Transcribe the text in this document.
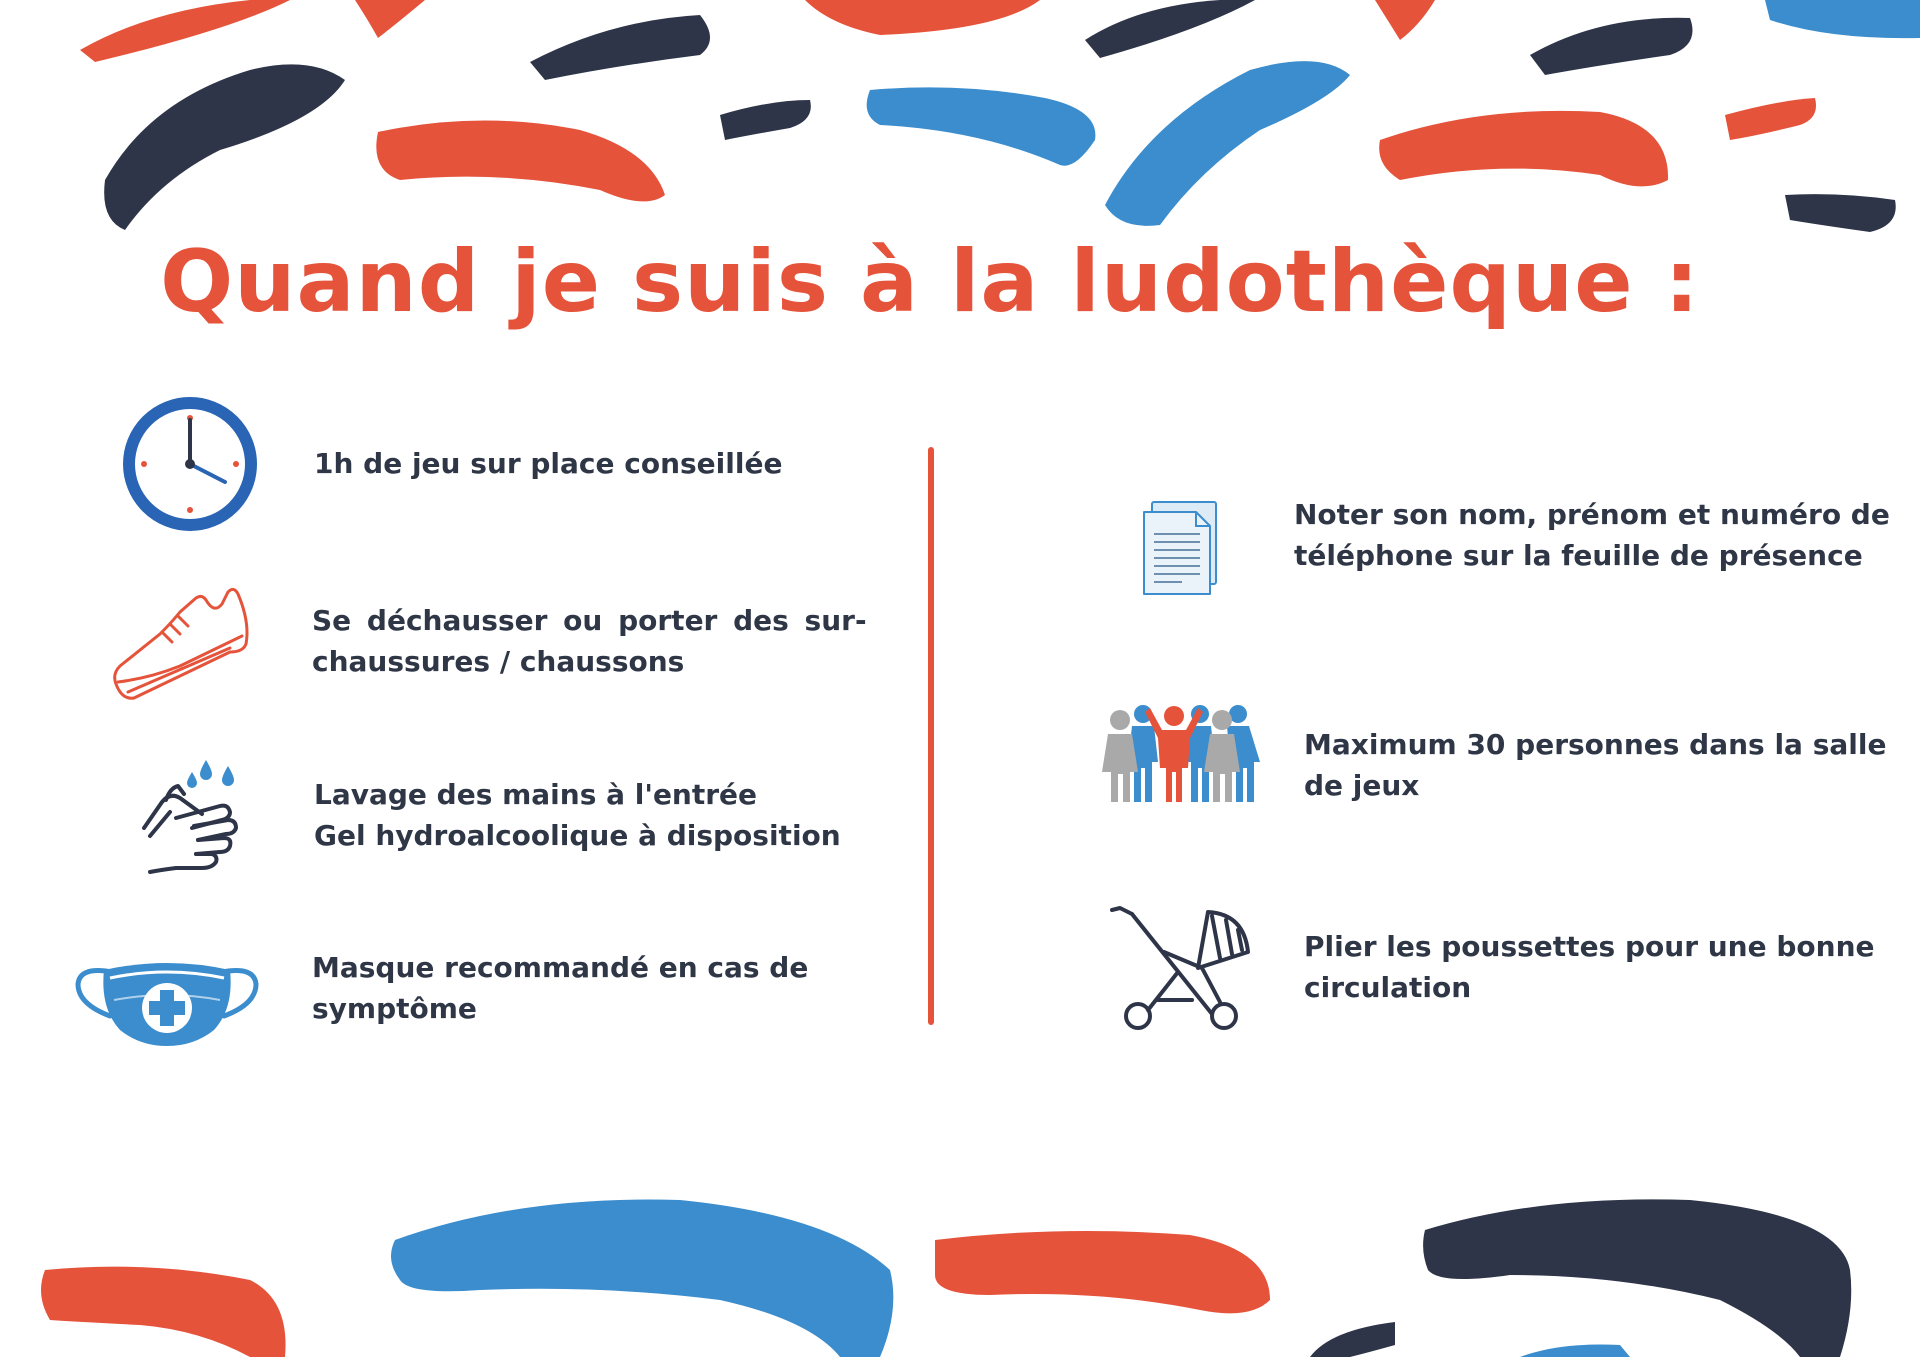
Quand je suis à la ludothèque :
1h de jeu sur place conseillée
Se déchausser ou porter des sur-
chaussures / chaussons
Lavage des mains à l'entrée
Gel hydroalcoolique à disposition
Masque recommandé en cas de
symptôme
Noter son nom, prénom et numéro de
téléphone sur la feuille de présence
Maximum 30 personnes dans la salle
de jeux
Plier les poussettes pour une bonne
circulation
